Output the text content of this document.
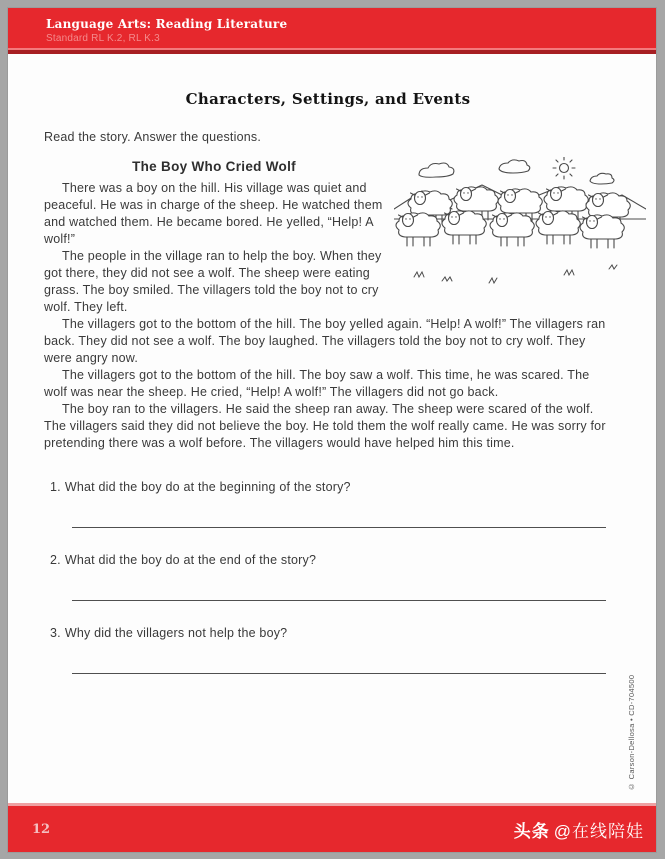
Language Arts: Reading Literature
Standard RL K.2, RL K.3
Characters, Settings, and Events

Read the story. Answer the questions.

The Boy Who Cried Wolf

There was a boy on the hill. His village was quiet and peaceful. He was in charge of the sheep. He watched them and watched them. He became bored. He yelled, “Help! A wolf!”

The people in the village ran to help the boy. When they got there, they did not see a wolf. The sheep were eating grass. The boy smiled. The villagers told the boy not to cry wolf. They left.

The villagers got to the bottom of the hill. The boy yelled again. “Help! A wolf!” The villagers ran back. They did not see a wolf. The boy laughed. The villagers told the boy not to cry wolf. They were angry now.

The villagers got to the bottom of the hill. The boy saw a wolf. This time, he was scared. The wolf was near the sheep. He cried, “Help! A wolf!” The villagers did not go back.

The boy ran to the villagers. He said the sheep ran away. The sheep were scared of the wolf. The villagers said they did not believe the boy. He told them the wolf really came. He was sorry for pretending there was a wolf before. The villagers would have helped him this time.

1. What did the boy do at the beginning of the story?
2. What did the boy do at the end of the story?
3. Why did the villagers not help the boy?
© Carson-Dellosa • CD-704500
12	头条 @在线陪娃
